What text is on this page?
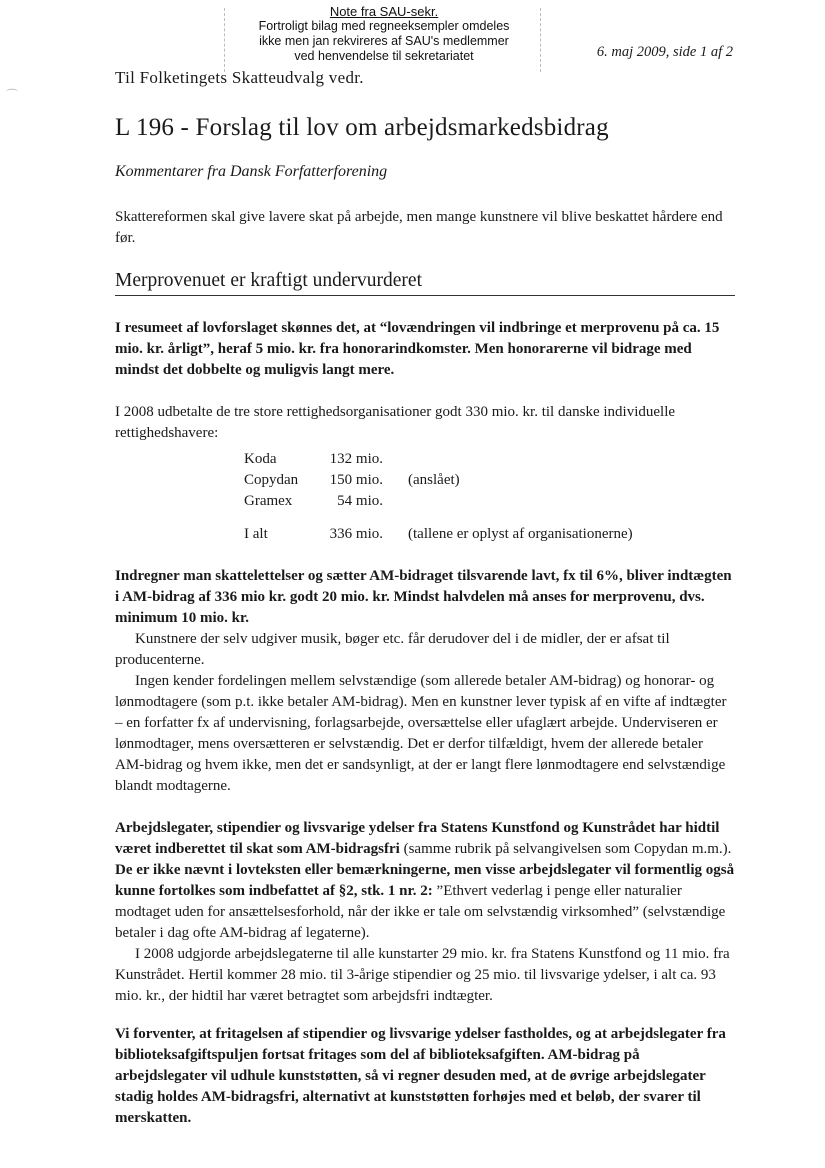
Note fra SAU-sekr.
Fortroligt bilag med regneeksempler omdeles
ikke men jan rekvireres af SAU's medlemmer
ved henvendelse til sekretariatet
⌒
6. maj 2009, side 1 af 2
Til Folketingets Skatteudvalg vedr.
L 196 - Forslag til lov om arbejdsmarkedsbidrag
Kommentarer fra Dansk Forfatterforening
Skattereformen skal give lavere skat på arbejde, men mange kunstnere vil blive beskattet hårdere end før.
Merprovenuet er kraftigt undervurderet
I resumeet af lovforslaget skønnes det, at “lovændringen vil indbringe et merprovenu på ca. 15 mio. kr. årligt”, heraf 5 mio. kr. fra honorarindkomster. Men honorarerne vil bidrage med mindst det dobbelte og muligvis langt mere.
I 2008 udbetalte de tre store rettighedsorganisationer godt 330 mio. kr. til danske individuelle rettighedshavere:
Koda	132 mio.
Copydan 150 mio. (anslået)
Gramex	54 mio.
I alt	336 mio. (tallene er oplyst af organisationerne)
Indregner man skattelettelser og sætter AM-bidraget tilsvarende lavt, fx til 6%, bliver indtægten i AM-bidrag af 336 mio kr. godt 20 mio. kr. Mindst halvdelen må anses for merprovenu, dvs. minimum 10 mio. kr.
Kunstnere der selv udgiver musik, bøger etc. får derudover del i de midler, der er afsat til producenterne.
Ingen kender fordelingen mellem selvstændige (som allerede betaler AM-bidrag) og honorar- og lønmodtagere (som p.t. ikke betaler AM-bidrag). Men en kunstner lever typisk af en vifte af indtægter – en forfatter fx af undervisning, forlagsarbejde, oversættelse eller ufaglært arbejde. Underviseren er lønmodtager, mens oversætteren er selvstændig. Det er derfor tilfældigt, hvem der allerede betaler AM-bidrag og hvem ikke, men det er sandsynligt, at der er langt flere lønmodtagere end selvstændige blandt modtagerne.
Arbejdslegater, stipendier og livsvarige ydelser fra Statens Kunstfond og Kunstrådet har hidtil været indberettet til skat som AM-bidragsfri (samme rubrik på selvangivelsen som Copydan m.m.). De er ikke nævnt i lovteksten eller bemærkningerne, men visse arbejdslegater vil formentlig også kunne fortolkes som indbefattet af §2, stk. 1 nr. 2: ”Ethvert vederlag i penge eller naturalier modtaget uden for ansættelsesforhold, når der ikke er tale om selvstændig virksomhed” (selvstændige betaler i dag ofte AM-bidrag af legaterne).
I 2008 udgjorde arbejdslegaterne til alle kunstarter 29 mio. kr. fra Statens Kunstfond og 11 mio. fra Kunstrådet. Hertil kommer 28 mio. til 3-årige stipendier og 25 mio. til livsvarige ydelser, i alt ca. 93 mio. kr., der hidtil har været betragtet som arbejdsfri indtægter.
Vi forventer, at fritagelsen af stipendier og livsvarige ydelser fastholdes, og at arbejdslegater fra biblioteksafgiftspuljen fortsat fritages som del af biblioteksafgiften. AM-bidrag på arbejdslegater vil udhule kunststøtten, så vi regner desuden med, at de øvrige arbejdslegater stadig holdes AM-bidragsfri, alternativt at kunststøtten forhøjes med et beløb, der svarer til merskatten.
